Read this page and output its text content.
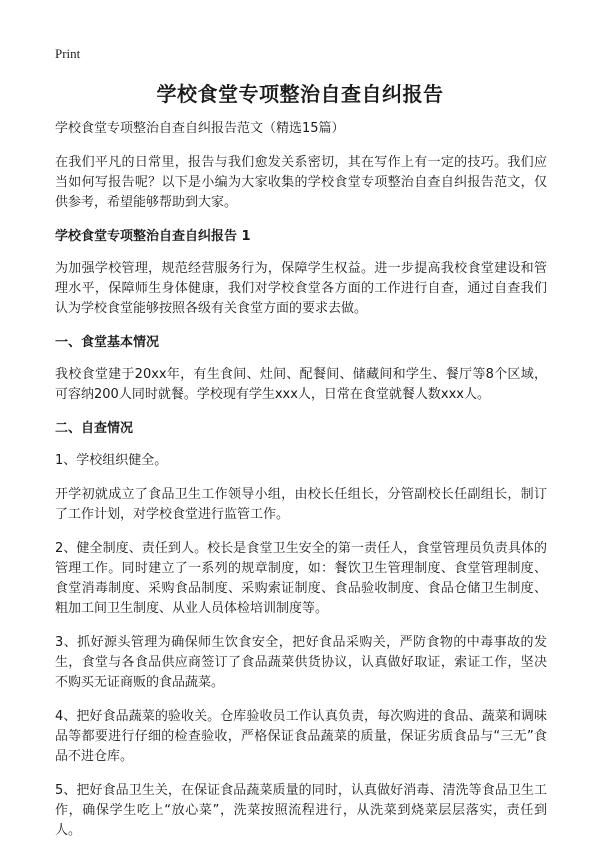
Print
学校食堂专项整治自查自纠报告

学校食堂专项整治自查自纠报告范文（精选15篇）

在我们平凡的日常里，报告与我们愈发关系密切，其在写作上有一定的技巧。我们应当如何写报告呢？以下是小编为大家收集的学校食堂专项整治自查自纠报告范文，仅供参考，希望能够帮助到大家。

学校食堂专项整治自查自纠报告 1

为加强学校管理，规范经营服务行为，保障学生权益。进一步提高我校食堂建设和管理水平，保障师生身体健康，我们对学校食堂各方面的工作进行自查，通过自查我们认为学校食堂能够按照各级有关食堂方面的要求去做。

一、食堂基本情况

我校食堂建于20xx年，有生食间、灶间、配餐间、储藏间和学生、餐厅等8个区域，可容纳200人同时就餐。学校现有学生xxx人，日常在食堂就餐人数xxx人。

二、自查情况

1、学校组织健全。

开学初就成立了食品卫生工作领导小组，由校长任组长，分管副校长任副组长，制订了工作计划，对学校食堂进行监管工作。

2、健全制度、责任到人。校长是食堂卫生安全的第一责任人，食堂管理员负责具体的管理工作。同时建立了一系列的规章制度，如：餐饮卫生管理制度、食堂管理制度、食堂消毒制度、采购食品制度、采购索证制度、食品验收制度、食品仓储卫生制度、粗加工间卫生制度、从业人员体检培训制度等。

3、抓好源头管理为确保师生饮食安全，把好食品采购关，严防食物的中毒事故的发生，食堂与各食品供应商签订了食品蔬菜供货协议，认真做好取证，索证工作，坚决不购买无证商贩的食品蔬菜。

4、把好食品蔬菜的验收关。仓库验收员工作认真负责，每次购进的食品、蔬菜和调味品等都要进行仔细的检查验收，严格保证食品蔬菜的质量，保证劣质食品与“三无”食品不进仓库。

5、把好食品卫生关，在保证食品蔬菜质量的同时，认真做好消毒、清洗等食品卫生工作，确保学生吃上“放心菜”，洗菜按照流程进行，从洗菜到烧菜层层落实，责任到人。
